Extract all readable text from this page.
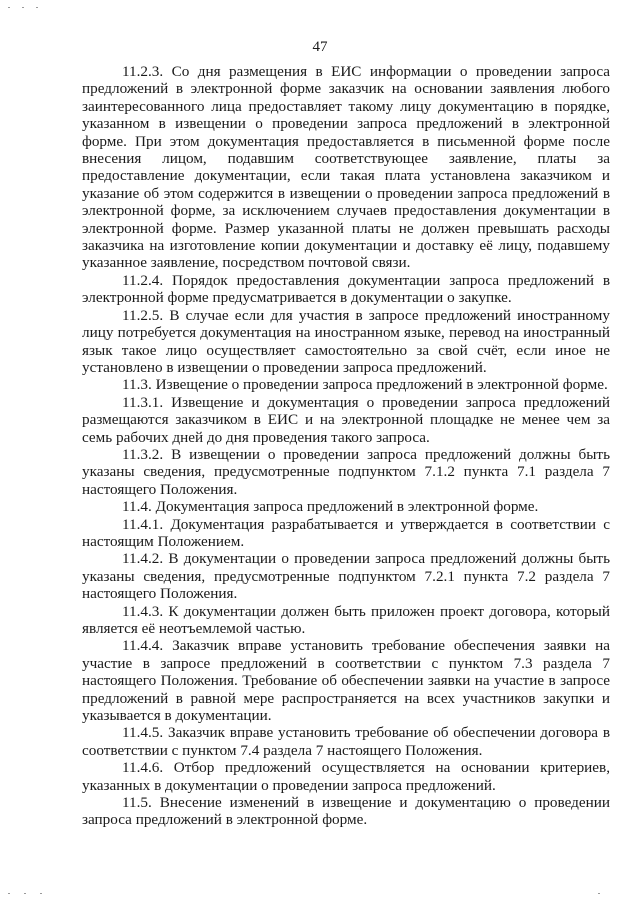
47

11.2.3. Со дня размещения в ЕИС информации о проведении запроса предложений в электронной форме заказчик на основании заявления любого заинтересованного лица предоставляет такому лицу документацию в порядке, указанном в извещении о проведении запроса предложений в электронной форме. При этом документация предоставляется в письменной форме после внесения лицом, подавшим соответствующее заявление, платы за предоставление документации, если такая плата установлена заказчиком и указание об этом содержится в извещении о проведении запроса предложений в электронной форме, за исключением случаев предоставления документации в электронной форме. Размер указанной платы не должен превышать расходы заказчика на изготовление копии документации и доставку её лицу, подавшему указанное заявление, посредством почтовой связи.

11.2.4. Порядок предоставления документации запроса предложений в электронной форме предусматривается в документации о закупке.

11.2.5. В случае если для участия в запросе предложений иностранному лицу потребуется документация на иностранном языке, перевод на иностранный язык такое лицо осуществляет самостоятельно за свой счёт, если иное не установлено в извещении о проведении запроса предложений.

11.3. Извещение о проведении запроса предложений в электронной форме.

11.3.1. Извещение и документация о проведении запроса предложений размещаются заказчиком в ЕИС и на электронной площадке не менее чем за семь рабочих дней до дня проведения такого запроса.

11.3.2. В извещении о проведении запроса предложений должны быть указаны сведения, предусмотренные подпунктом 7.1.2 пункта 7.1 раздела 7 настоящего Положения.

11.4. Документация запроса предложений в электронной форме.

11.4.1. Документация разрабатывается и утверждается в соответствии с настоящим Положением.

11.4.2. В документации о проведении запроса предложений должны быть указаны сведения, предусмотренные подпунктом 7.2.1 пункта 7.2 раздела 7 настоящего Положения.

11.4.3. К документации должен быть приложен проект договора, который является её неотъемлемой частью.

11.4.4. Заказчик вправе установить требование обеспечения заявки на участие в запросе предложений в соответствии с пунктом 7.3 раздела 7 настоящего Положения. Требование об обеспечении заявки на участие в запросе предложений в равной мере распространяется на всех участников закупки и указывается в документации.

11.4.5. Заказчик вправе установить требование об обеспечении договора в соответствии с пунктом 7.4 раздела 7 настоящего Положения.

11.4.6. Отбор предложений осуществляется на основании критериев, указанных в документации о проведении запроса предложений.

11.5. Внесение изменений в извещение и документацию о проведении запроса предложений в электронной форме.
